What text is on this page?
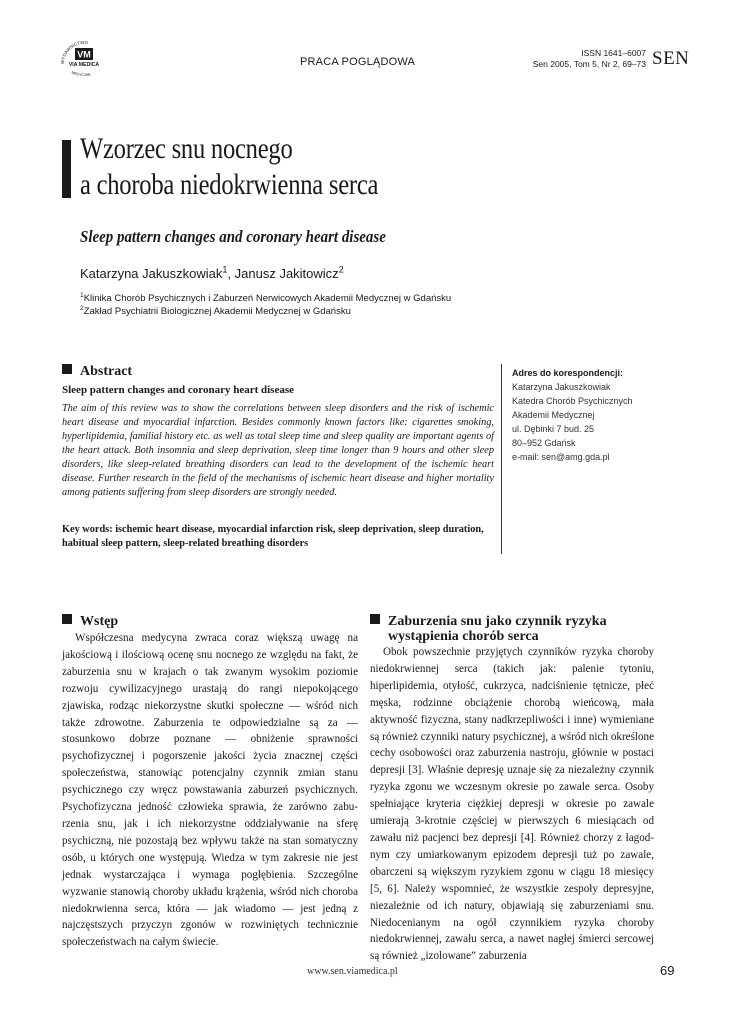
WYDAWNICTWO
VM
VIA MEDICA
MEDYCZNE
PRACA POGLĄDOWA
ISSN 1641–6007
Sen 2005, Tom 5, Nr 2, 69–73 SEN
Wzorzec snu nocnego
a choroba niedokrwienna serca
Sleep pattern changes and coronary heart disease
Katarzyna Jakuszkowiak$^1$, Janusz Jakitowicz$^2$
$^1$Klinika Chorób Psychicznych i Zaburzeń Nerwicowych Akademii Medycznej w Gdańsku
$^2$Zakład Psychiatrii Biologicznej Akademii Medycznej w Gdańsku
Abstract
Sleep pattern changes and coronary heart disease
The aim of this review was to show the correlations between sleep disorders and the risk of ischemic heart disease and myocardial infarction. Besides commonly known factors like: cigarettes smoking, hyperlipidemia, familial history etc. as well as total sleep time and sleep quality are important agents of the heart attack. Both insomnia and sleep deprivation, sleep time longer than 9 hours and other sleep disorders, like sleep-related breathing disorders can lead to the development of the ischemic heart disease. Further research in the field of the mechanisms of ischemic heart disease and higher mortality among patients suffering from sleep disorders are strongly needed.
Key words: ischemic heart disease, myocardial infarction risk, sleep deprivation, sleep duration, habitual sleep pattern, sleep-related breathing disorders
Adres do korespondencji:
Katarzyna Jakuszkowiak
Katedra Chorób Psychicznych
Akademii Medycznej
ul. Dębinki 7 bud. 25
80–952 Gdańsk
e-mail: sen@amg.gda.pl
Wstęp

Współczesna medycyna zwraca coraz większą uwagę na jakościową i ilościową ocenę snu nocnego ze względu na fakt, że zaburzenia snu w krajach o tak zwanym wysokim poziomie rozwoju cywilizacyjnego urastają do rangi niepokojącego zjawiska, rodząc niekorzystne skutki społeczne — wśród nich także zdrowotne. Zaburzenia te odpowiedzialne są za — stosunkowo dobrze poznane — obniżenie sprawności psychofizycznej i pogorszenie jakości życia znacznej części społeczeństwa, stanowiąc potencjalny czynnik zmian stanu psychicznego czy wręcz powstawania zaburzeń psychicznych. Psychofizyczna jedność człowieka sprawia, że zarówno zaburzenia snu, jak i ich niekorzystne oddziaływanie na sferę psychiczną, nie pozostają bez wpływu także na stan somatyczny osób, u których one występują. Wiedza w tym zakresie nie jest jednak wystarczająca i wymaga pogłębienia. Szczególne wyzwanie stanowią choroby układu krążenia, wśród nich choroba niedokrwienna serca, która — jak wiadomo — jest jedną z najczęstszych przyczyn zgonów w rozwiniętych technicznie społeczeństwach na całym świecie.

Zaburzenia snu jako czynnik ryzyka
wystąpienia chorób serca

Obok powszechnie przyjętych czynników ryzyka choroby niedokrwiennej serca (takich jak: palenie tytoniu, hiperlipidemia, otyłość, cukrzyca, nadciśnienie tętnicze, płeć męska, rodzinne obciążenie chorobą wieńcową, mała aktywność fizyczna, stany nadkrzepliwości i inne) wymieniane są również czynniki natury psychicznej, a wśród nich określone cechy osobowości oraz zaburzenia nastroju, głównie w postaci depresji [3]. Właśnie depresję uznaje się za niezależny czynnik ryzyka zgonu we wczesnym okresie po zawale serca. Osoby spełniające kryteria ciężkiej depresji w okresie po zawale umierają 3-krotnie częściej w pierwszych 6 miesiącach od zawału niż pacjenci bez depresji [4]. Również chorzy z łagodnym czy umiarkowanym epizodem depresji tuż po zawale, obarczeni są większym ryzykiem zgonu w ciągu 18 miesięcy [5, 6]. Należy wspomnieć, że wszystkie zespoły depresyjne, niezależnie od ich natury, objawiają się zaburzeniami snu. Niedocenianym na ogół czynnikiem ryzyka choroby niedokrwiennej, zawału serca, a nawet nagłej śmierci sercowej są również „izolowane” zaburzenia

www.sen.viamedica.pl	69
